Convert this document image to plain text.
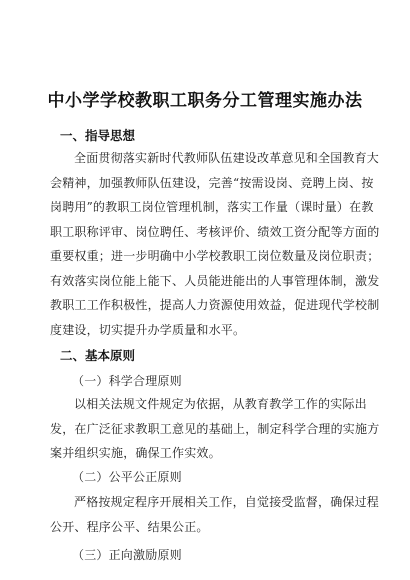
中小学学校教职工职务分工管理实施办法
一、指导思想
全面贯彻落实新时代教师队伍建设改革意见和全国教育大
会精神，加强教师队伍建设，完善“按需设岗、竞聘上岗、按
岗聘用”的教职工岗位管理机制，落实工作量（课时量）在教
职工职称评审、岗位聘任、考核评价、绩效工资分配等方面的
重要权重；进一步明确中小学校教职工岗位数量及岗位职责；
有效落实岗位能上能下、人员能进能出的人事管理体制，激发
教职工工作积极性，提高人力资源使用效益，促进现代学校制
度建设，切实提升办学质量和水平。
二、基本原则
（一）科学合理原则
以相关法规文件规定为依据，从教育教学工作的实际出
发，在广泛征求教职工意见的基础上，制定科学合理的实施方
案并组织实施，确保工作实效。
（二）公平公正原则
严格按规定程序开展相关工作，自觉接受监督，确保过程
公开、程序公平、结果公正。
（三）正向激励原则
